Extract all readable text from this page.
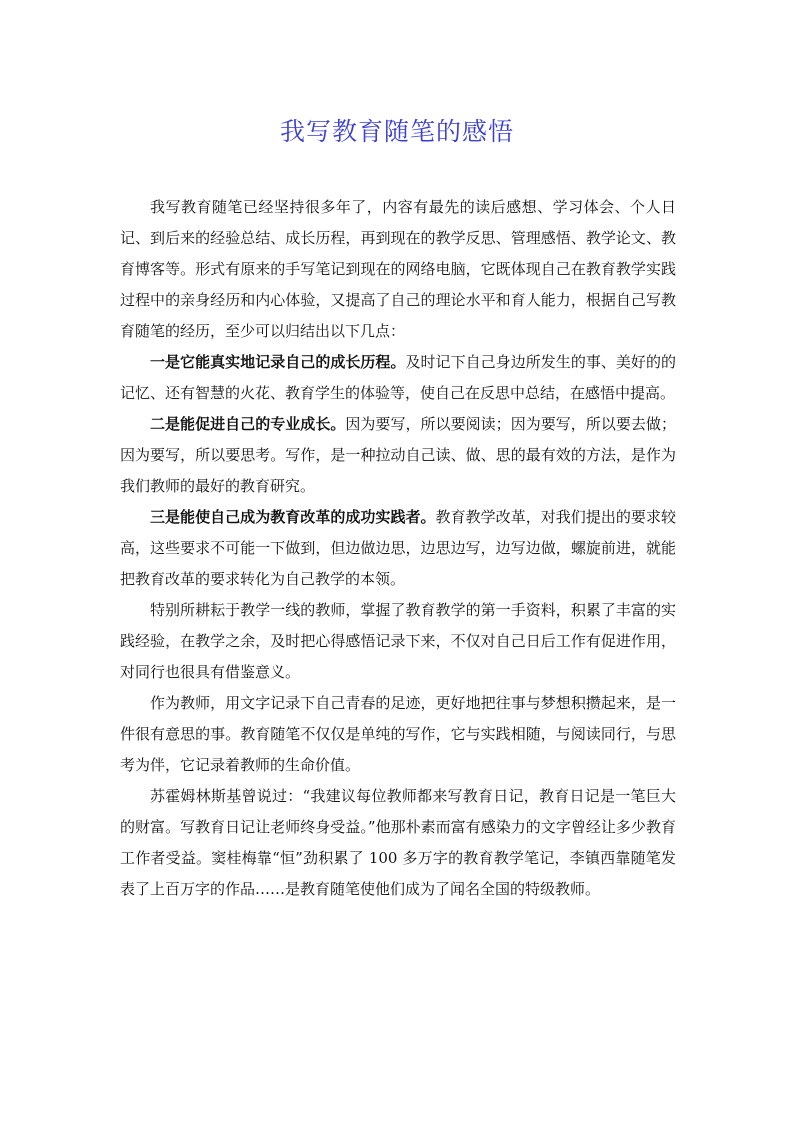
我写教育随笔的感悟

我写教育随笔已经坚持很多年了，内容有最先的读后感想、学习体会、个人日记、到后来的经验总结、成长历程，再到现在的教学反思、管理感悟、教学论文、教育博客等。形式有原来的手写笔记到现在的网络电脑，它既体现自己在教育教学实践过程中的亲身经历和内心体验，又提高了自己的理论水平和育人能力，根据自己写教育随笔的经历，至少可以归结出以下几点：

一是它能真实地记录自己的成长历程。及时记下自己身边所发生的事、美好的的记忆、还有智慧的火花、教育学生的体验等，使自己在反思中总结，在感悟中提高。

二是能促进自己的专业成长。因为要写，所以要阅读；因为要写，所以要去做；因为要写，所以要思考。写作，是一种拉动自己读、做、思的最有效的方法，是作为我们教师的最好的教育研究。

三是能使自己成为教育改革的成功实践者。教育教学改革，对我们提出的要求较高，这些要求不可能一下做到，但边做边思，边思边写，边写边做，螺旋前进，就能把教育改革的要求转化为自己教学的本领。

特别所耕耘于教学一线的教师，掌握了教育教学的第一手资料，积累了丰富的实践经验，在教学之余，及时把心得感悟记录下来，不仅对自己日后工作有促进作用，对同行也很具有借鉴意义。

作为教师，用文字记录下自己青春的足迹，更好地把往事与梦想积攒起来，是一件很有意思的事。教育随笔不仅仅是单纯的写作，它与实践相随，与阅读同行，与思考为伴，它记录着教师的生命价值。

苏霍姆林斯基曾说过：“我建议每位教师都来写教育日记，教育日记是一笔巨大的财富。写教育日记让老师终身受益。”他那朴素而富有感染力的文字曾经让多少教育工作者受益。窦桂梅靠“恒”劲积累了 100 多万字的教育教学笔记，李镇西靠随笔发表了上百万字的作品……是教育随笔使他们成为了闻名全国的特级教师。
